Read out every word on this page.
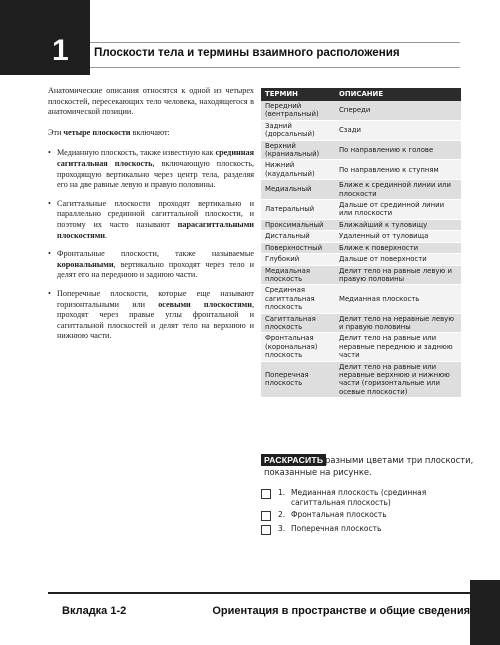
1 Плоскости тела и термины взаимного расположения

Анатомические описания относятся к одной из четырех плоскостей, пересекающих тело человека, находящегося в анатомической позиции.

Эти четыре плоскости включают:

• Медианную плоскость, также известную как срединная сагиттальная плоскость, включающую плоскость, проходящую вертикально через центр тела, разделяя его на две равные левую и правую половины.
• Сагиттальные плоскости проходят вертикально и параллельно срединной сагиттальной плоскости, и поэтому их часто называют парасагиттальными плоскостями.
• Фронтальные плоскости, также называемые корональными, вертикально проходят через тело и делят его на переднюю и заднюю части.
• Поперечные плоскости, которые еще называют горизонтальными или осевыми плоскостями, проходят через правые углы фронтальной и сагиттальной плоскостей и делят тело на верхнюю и нижнюю части.
ТЕРМИН	ОПИСАНИЕ
Передний (вентральный)	Спереди
Задний (дорсальный)	Сзади
Верхний (краниальный)	По направлению к голове
Нижний (каудальный)	По направлению к ступням
Медиальный	Ближе к срединной линии или плоскости
Латеральный	Дальше от срединной линии или плоскости
Проксимальный	Ближайший к туловищу
Дистальный	Удаленный от туловища
Поверхностный	Ближе к поверхности
Глубокий	Дальше от поверхности
Медиальная плоскость	Делит тело на равные левую и правую половины
Срединная сагиттальная плоскость	Медианная плоскость
Сагиттальная плоскость	Делит тело на неравные левую и правую половины
Фронтальная (корональная) плоскость	Делит тело на равные или неравные переднюю и заднюю части
Поперечная плоскость	Делит тело на равные или неравные верхнюю и нижнюю части (горизонтальные или осевые плоскости)
РАСКРАСИТЬ разными цветами три плоскости,
показанные на рисунке.
1. Медианная плоскость (срединная сагиттальная плоскость)
2. Фронтальная плоскость
3. Поперечная плоскость
Вкладка 1-2	Ориентация в пространстве и общие сведения
